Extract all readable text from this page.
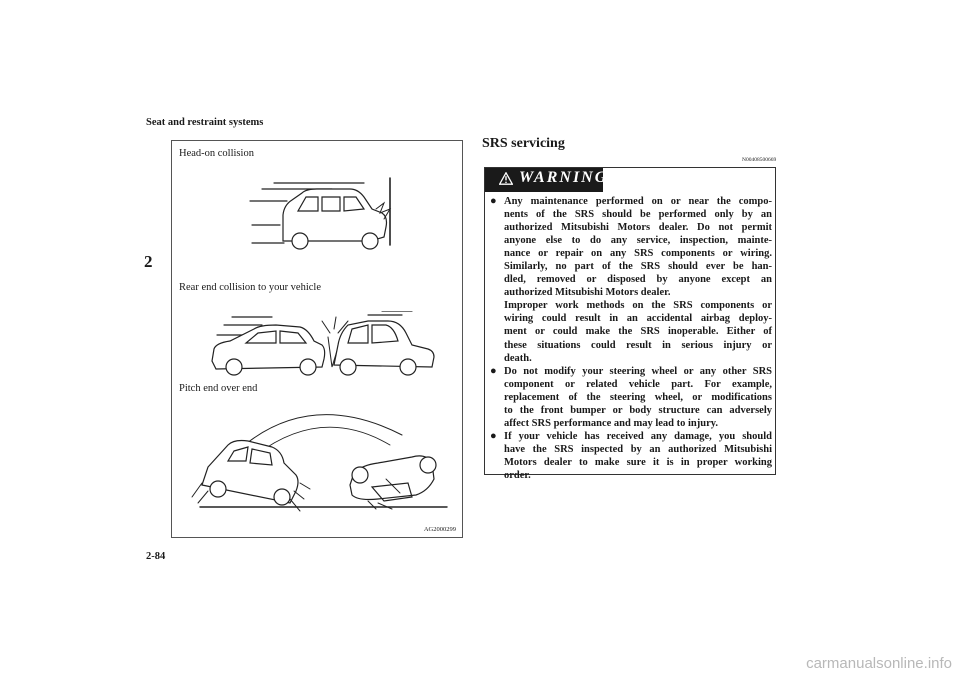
Seat and restraint systems
2
2-84
carmanualsonline.info
Head-on collision
Rear end collision to your vehicle
Pitch end over end
AG2000299
SRS servicing
N00408500669
WARNING
● Any maintenance performed on or near the compo-
nents of the SRS should be performed only by an
authorized Mitsubishi Motors dealer. Do not permit
anyone else to do any service, inspection, mainte-
nance or repair on any SRS components or wiring.
Similarly, no part of the SRS should ever be han-
dled, removed or disposed by anyone except an
authorized Mitsubishi Motors dealer.
Improper work methods on the SRS components or
wiring could result in an accidental airbag deploy-
ment or could make the SRS inoperable. Either of
these situations could result in serious injury or
death.
● Do not modify your steering wheel or any other SRS
component or related vehicle part. For example,
replacement of the steering wheel, or modifications
to the front bumper or body structure can adversely
affect SRS performance and may lead to injury.
● If your vehicle has received any damage, you should
have the SRS inspected by an authorized Mitsubishi
Motors dealer to make sure it is in proper working
order.
